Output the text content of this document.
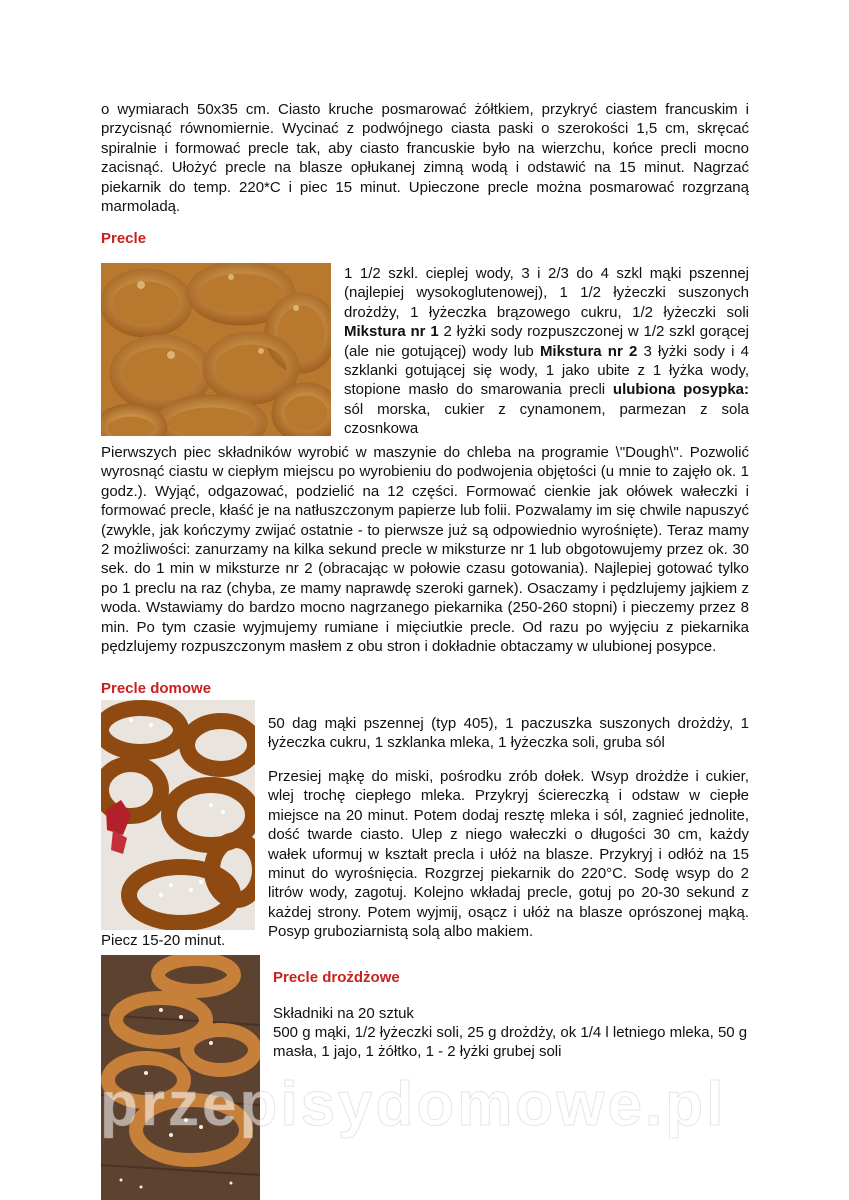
o wymiarach 50x35 cm. Ciasto kruche posmarować żółtkiem, przykryć ciastem francuskim i przycisnąć równomiernie. Wycinać z podwójnego ciasta paski o szerokości 1,5 cm, skręcać spiralnie i formować precle tak, aby ciasto francuskie było na wierzchu, końce precli mocno zacisnąć. Ułożyć precle na blasze opłukanej zimną wodą i odstawić na 15 minut. Nagrzać piekarnik do temp. 220*C i piec 15 minut. Upieczone precle można posmarować rozgrzaną marmoladą.
Precle
1 1/2 szkl. cieplej wody, 3 i 2/3 do 4 szkl mąki pszennej (najlepiej wysokoglutenowej), 1 1/2 łyżeczki suszonych drożdży, 1 łyżeczka brązowego cukru, 1/2 łyżeczki soli Mikstura nr 1 2 łyżki sody rozpuszczonej w 1/2 szkl gorącej (ale nie gotującej) wody lub Mikstura nr 2 3 łyżki sody i 4 szklanki gotującej się wody, 1 jako ubite z 1 łyżka wody, stopione masło do smarowania precli ulubiona posypka: sól morska, cukier z cynamonem, parmezan z sola czosnkowa
Pierwszych piec składników wyrobić w maszynie do chleba na programie \"Dough\". Pozwolić wyrosnąć ciastu w ciepłym miejscu po wyrobieniu do podwojenia objętości (u mnie to zajęło ok. 1 godz.). Wyjąć, odgazować, podzielić na 12 części. Formować cienkie jak ołówek wałeczki i formować precle, kłaść je na natłuszczonym papierze lub folii. Pozwalamy im się chwile napuszyć (zwykle, jak kończymy zwijać ostatnie - to pierwsze już są odpowiednio wyrośnięte). Teraz mamy 2 możliwości: zanurzamy na kilka sekund precle w miksturze nr 1 lub obgotowujemy przez ok. 30 sek. do 1 min w miksturze nr 2 (obracając w połowie czasu gotowania). Najlepiej gotować tylko po 1 preclu na raz (chyba, ze mamy naprawdę szeroki garnek). Osaczamy i pędzlujemy jajkiem z woda. Wstawiamy do bardzo mocno nagrzanego piekarnika (250-260 stopni) i pieczemy przez 8 min. Po tym czasie wyjmujemy rumiane i mięciutkie precle. Od razu po wyjęciu z piekarnika pędzlujemy rozpuszczonym masłem z obu stron i dokładnie obtaczamy w ulubionej posypce.
Precle domowe
50 dag mąki pszennej (typ 405), 1 paczuszka suszonych drożdży, 1 łyżeczka cukru, 1 szklanka mleka, 1 łyżeczka soli, gruba sól
Przesiej mąkę do miski, pośrodku zrób dołek. Wsyp drożdże i cukier, wlej trochę ciepłego mleka. Przykryj ściereczką i odstaw w ciepłe miejsce na 20 minut. Potem dodaj resztę mleka i sól, zagnieć jednolite, dość twarde ciasto. Ulep z niego wałeczki o długości 30 cm, każdy wałek uformuj w kształt precla i ułóż na blasze. Przykryj i odłóż na 15 minut do wyrośnięcia. Rozgrzej piekarnik do 220°C. Sodę wsyp do 2 litrów wody, zagotuj. Kolejno wkładaj precle, gotuj po 20-30 sekund z każdej strony. Potem wyjmij, osącz i ułóż na blasze oprószonej mąką. Posyp gruboziarnistą solą albo makiem.
Piecz 15-20 minut.
Precle drożdżowe
Składniki na 20 sztuk
500 g mąki, 1/2 łyżeczki soli, 25 g drożdży, ok 1/4 l letniego mleka, 50 g masła, 1 jajo, 1 żółtko, 1 - 2 łyżki grubej soli
przepisydomowe.pl
